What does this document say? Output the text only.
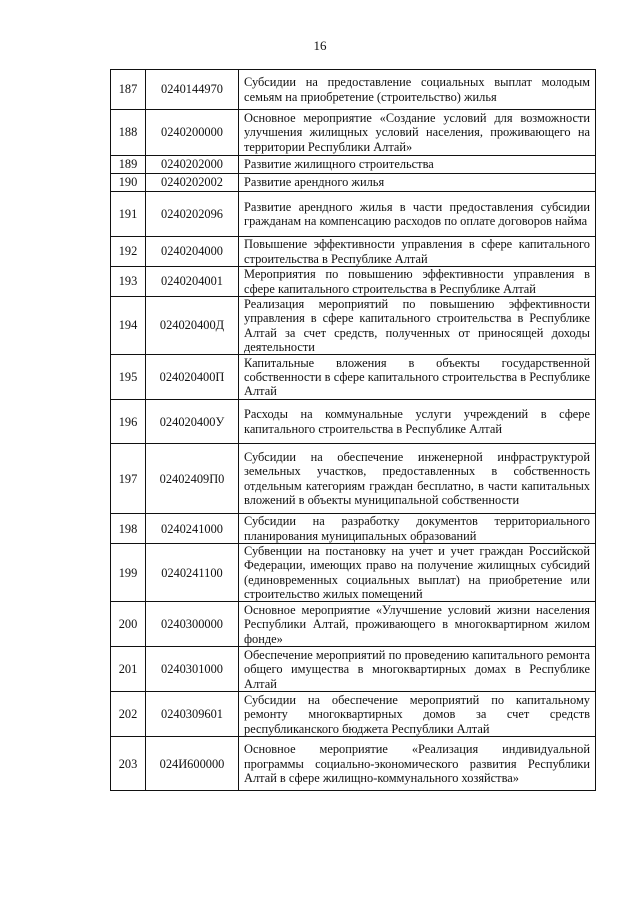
16
187	0240144970	Субсидии на предоставление социальных выплат молодым семьям на приобретение (строительство) жилья
188	0240200000	Основное мероприятие «Создание условий для возможности улучшения жилищных условий населения, проживающего на территории Республики Алтай»
189	0240202000	Развитие жилищного строительства
190	0240202002	Развитие арендного жилья
191	0240202096	Развитие арендного жилья в части предоставления субсидии гражданам на компенсацию расходов по оплате договоров найма
192	0240204000	Повышение эффективности управления в сфере капитального строительства в Республике Алтай
193	0240204001	Мероприятия по повышению эффективности управления в сфере капитального строительства в Республике Алтай
194	024020400Д	Реализация мероприятий по повышению эффективности управления в сфере капитального строительства в Республике Алтай за счет средств, полученных от приносящей доходы деятельности
195	024020400П	Капитальные вложения в объекты государственной собственности в сфере капитального строительства в Республике Алтай
196	024020400У	Расходы на коммунальные услуги учреждений в сфере капитального строительства в Республике Алтай
197	02402409П0	Субсидии на обеспечение инженерной инфраструктурой земельных участков, предоставленных в собственность отдельным категориям граждан бесплатно, в части капитальных вложений в объекты муниципальной собственности
198	0240241000	Субсидии на разработку документов территориального планирования муниципальных образований
199	0240241100	Субвенции на постановку на учет и учет граждан Российской Федерации, имеющих право на получение жилищных субсидий (единовременных социальных выплат) на приобретение или строительство жилых помещений
200	0240300000	Основное мероприятие «Улучшение условий жизни населения Республики Алтай, проживающего в многоквартирном жилом фонде»
201	0240301000	Обеспечение мероприятий по проведению капитального ремонта общего имущества в многоквартирных домах в Республике Алтай
202	0240309601	Субсидии на обеспечение мероприятий по капитальному ремонту многоквартирных домов за счет средств республиканского бюджета Республики Алтай
203	024И600000	Основное мероприятие «Реализация индивидуальной программы социально-экономического развития Республики Алтай в сфере жилищно-коммунального хозяйства»
